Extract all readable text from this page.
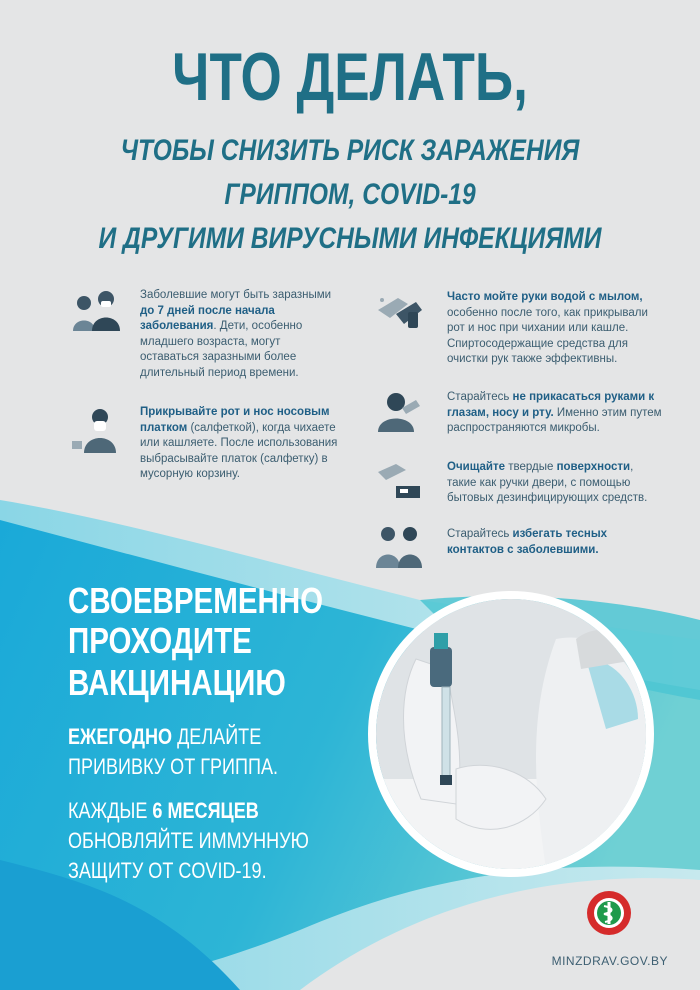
ЧТО ДЕЛАТЬ,
ЧТОБЫ СНИЗИТЬ РИСК ЗАРАЖЕНИЯ
ГРИППОМ, COVID-19
И ДРУГИМИ ВИРУСНЫМИ ИНФЕКЦИЯМИ
Заболевшие могут быть заразными до 7 дней после начала заболевания. Дети, особенно младшего возраста, могут оставаться заразными более длительный период времени.
Прикрывайте рот и нос носовым платком (салфеткой), когда чихаете или кашляете. После использования выбрасывайте платок (салфетку) в мусорную корзину.
Часто мойте руки водой с мылом, особенно после того, как прикрывали рот и нос при чихании или кашле. Спиртосодержащие средства для очистки рук также эффективны.
Старайтесь не прикасаться руками к глазам, носу и рту. Именно этим путем распространяются микробы.
Очищайте твердые поверхности, такие как ручки двери, с помощью бытовых дезинфицирующих средств.
Старайтесь избегать тесных контактов с заболевшими.
СВОЕВРЕМЕННО
ПРОХОДИТЕ
ВАКЦИНАЦИЮ
ЕЖЕГОДНО ДЕЛАЙТЕ ПРИВИВКУ ОТ ГРИППА.
КАЖДЫЕ 6 МЕСЯЦЕВ ОБНОВЛЯЙТЕ ИММУННУЮ ЗАЩИТУ ОТ COVID-19.
MINZDRAV.GOV.BY
